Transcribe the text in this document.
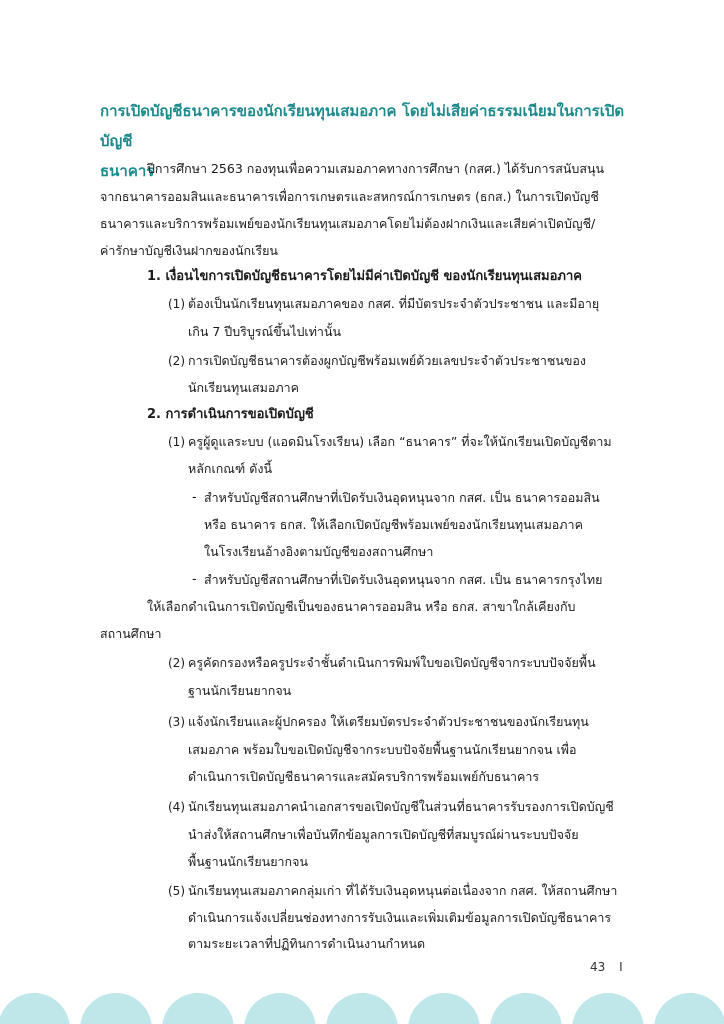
การเปิดบัญชีธนาคารของนักเรียนทุนเสมอภาค โดยไม่เสียค่าธรรมเนียมในการเปิดบัญชี
ธนาคาร
ปีการศึกษา 2563 กองทุนเพื่อความเสมอภาคทางการศึกษา (กสศ.) ได้รับการสนับสนุน
จากธนาคารออมสินและธนาคารเพื่อการเกษตรและสหกรณ์การเกษตร (ธกส.) ในการเปิดบัญชี
ธนาคารและบริการพร้อมเพย์ของนักเรียนทุนเสมอภาคโดยไม่ต้องฝากเงินและเสียค่าเปิดบัญชี/
ค่ารักษาบัญชีเงินฝากของนักเรียน
1. เงื่อนไขการเปิดบัญชีธนาคารโดยไม่มีค่าเปิดบัญชี ของนักเรียนทุนเสมอภาค
(1) ต้องเป็นนักเรียนทุนเสมอภาคของ กสศ. ที่มีบัตรประจำตัวประชาชน และมีอายุ
เกิน 7 ปีบริบูรณ์ขึ้นไปเท่านั้น
(2) การเปิดบัญชีธนาคารต้องผูกบัญชีพร้อมเพย์ด้วยเลขประจำตัวประชาชนของ
นักเรียนทุนเสมอภาค
2. การดำเนินการขอเปิดบัญชี
(1) ครูผู้ดูแลระบบ (แอดมินโรงเรียน) เลือก “ธนาคาร” ที่จะให้นักเรียนเปิดบัญชีตาม
หลักเกณฑ์ ดังนี้
- สำหรับบัญชีสถานศึกษาที่เปิดรับเงินอุดหนุนจาก กสศ. เป็น ธนาคารออมสิน
หรือ ธนาคาร ธกส. ให้เลือกเปิดบัญชีพร้อมเพย์ของนักเรียนทุนเสมอภาค
ในโรงเรียนอ้างอิงตามบัญชีของสถานศึกษา
- สำหรับบัญชีสถานศึกษาที่เปิดรับเงินอุดหนุนจาก กสศ. เป็น ธนาคารกรุงไทย
ให้เลือกดำเนินการเปิดบัญชีเป็นของธนาคารออมสิน หรือ ธกส. สาขาใกล้เคียงกับ
สถานศึกษา
(2) ครูคัดกรองหรือครูประจำชั้นดำเนินการพิมพ์ใบขอเปิดบัญชีจากระบบปัจจัยพื้น
ฐานนักเรียนยากจน
(3) แจ้งนักเรียนและผู้ปกครอง ให้เตรียมบัตรประจำตัวประชาชนของนักเรียนทุน
เสมอภาค พร้อมใบขอเปิดบัญชีจากระบบปัจจัยพื้นฐานนักเรียนยากจน เพื่อ
ดำเนินการเปิดบัญชีธนาคารและสมัครบริการพร้อมเพย์กับธนาคาร
(4) นักเรียนทุนเสมอภาคนำเอกสารขอเปิดบัญชีในส่วนที่ธนาคารรับรองการเปิดบัญชี
นำส่งให้สถานศึกษาเพื่อบันทึกข้อมูลการเปิดบัญชีที่สมบูรณ์ผ่านระบบปัจจัย
พื้นฐานนักเรียนยากจน
(5) นักเรียนทุนเสมอภาคกลุ่มเก่า ที่ได้รับเงินอุดหนุนต่อเนื่องจาก กสศ. ให้สถานศึกษา
ดำเนินการแจ้งเปลี่ยนช่องทางการรับเงินและเพิ่มเติมข้อมูลการเปิดบัญชีธนาคาร
ตามระยะเวลาที่ปฏิทินการดำเนินงานกำหนด
43 I
